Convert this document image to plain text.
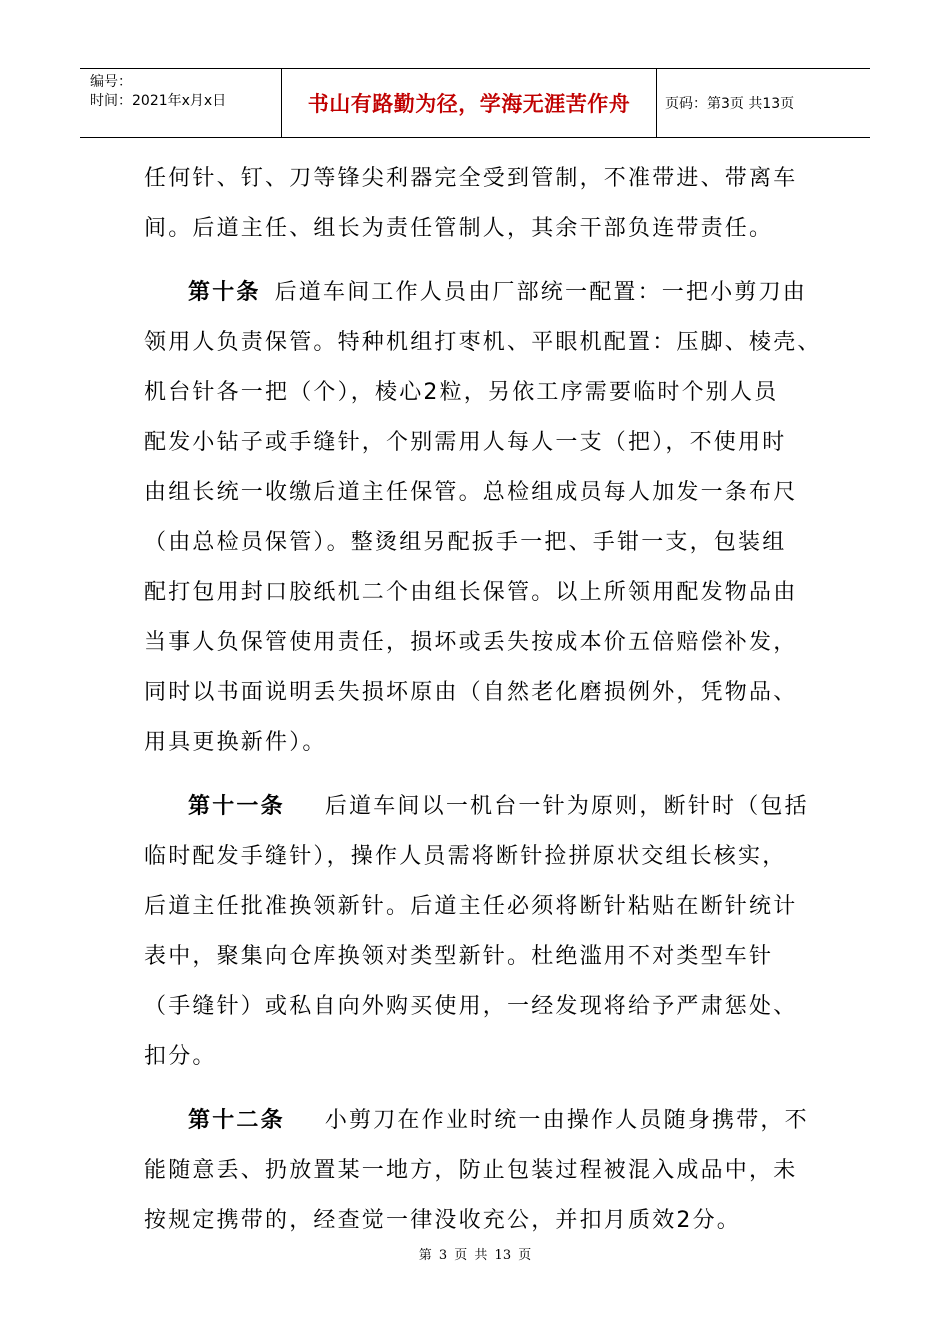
编号：
时间：2021年x月x日	书山有路勤为径，学海无涯苦作舟 页码：第3页 共13页
任何针、钉、刀等锋尖利器完全受到管制，不准带进、带离车
间。后道主任、组长为责任管制人，其余干部负连带责任。
第十条 后道车间工作人员由厂部统一配置：一把小剪刀由
领用人负责保管。特种机组打枣机、平眼机配置：压脚、棱壳、
机台针各一把（个），棱心2粒，另依工序需要临时个别人员
配发小钻子或手缝针，个别需用人每人一支（把），不使用时
由组长统一收缴后道主任保管。总检组成员每人加发一条布尺
（由总检员保管）。整烫组另配扳手一把、手钳一支，包装组
配打包用封口胶纸机二个由组长保管。以上所领用配发物品由
当事人负保管使用责任，损坏或丢失按成本价五倍赔偿补发，
同时以书面说明丢失损坏原由（自然老化磨损例外，凭物品、
用具更换新件）。
第十一条 后道车间以一机台一针为原则，断针时（包括
临时配发手缝针），操作人员需将断针捡拼原状交组长核实，
后道主任批准换领新针。后道主任必须将断针粘贴在断针统计
表中，聚集向仓库换领对类型新针。杜绝滥用不对类型车针
（手缝针）或私自向外购买使用，一经发现将给予严肃惩处、
扣分。
第十二条 小剪刀在作业时统一由操作人员随身携带，不
能随意丢、扔放置某一地方，防止包装过程被混入成品中，未
按规定携带的，经查觉一律没收充公，并扣月质效2分。
第 3 页 共 13 页
